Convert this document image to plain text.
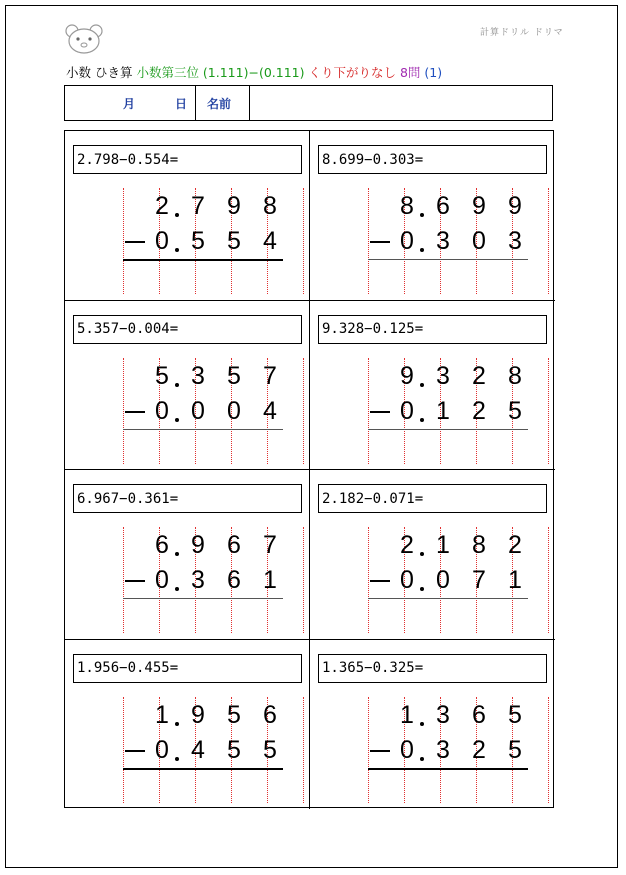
計算ドリル ドリマ
小数 ひき算 小数第三位 (1.111)−(0.111) くり下がりなし 8問 (1)
月	日 名前
2.798−0.554=
2 7 9 8
0 5 5 4
8.699−0.303=
8 6 9 9
0 3 0 3
5.357−0.004=
5 3 5 7
0 0 0 4
9.328−0.125=
9 3 2 8
0 1 2 5
6.967−0.361=
6 9 6 7
0 3 6 1
2.182−0.071=
2 1 8 2
0 0 7 1
1.956−0.455=
1 9 5 6
0 4 5 5
1.365−0.325=
1 3 6 5
0 3 2 5
